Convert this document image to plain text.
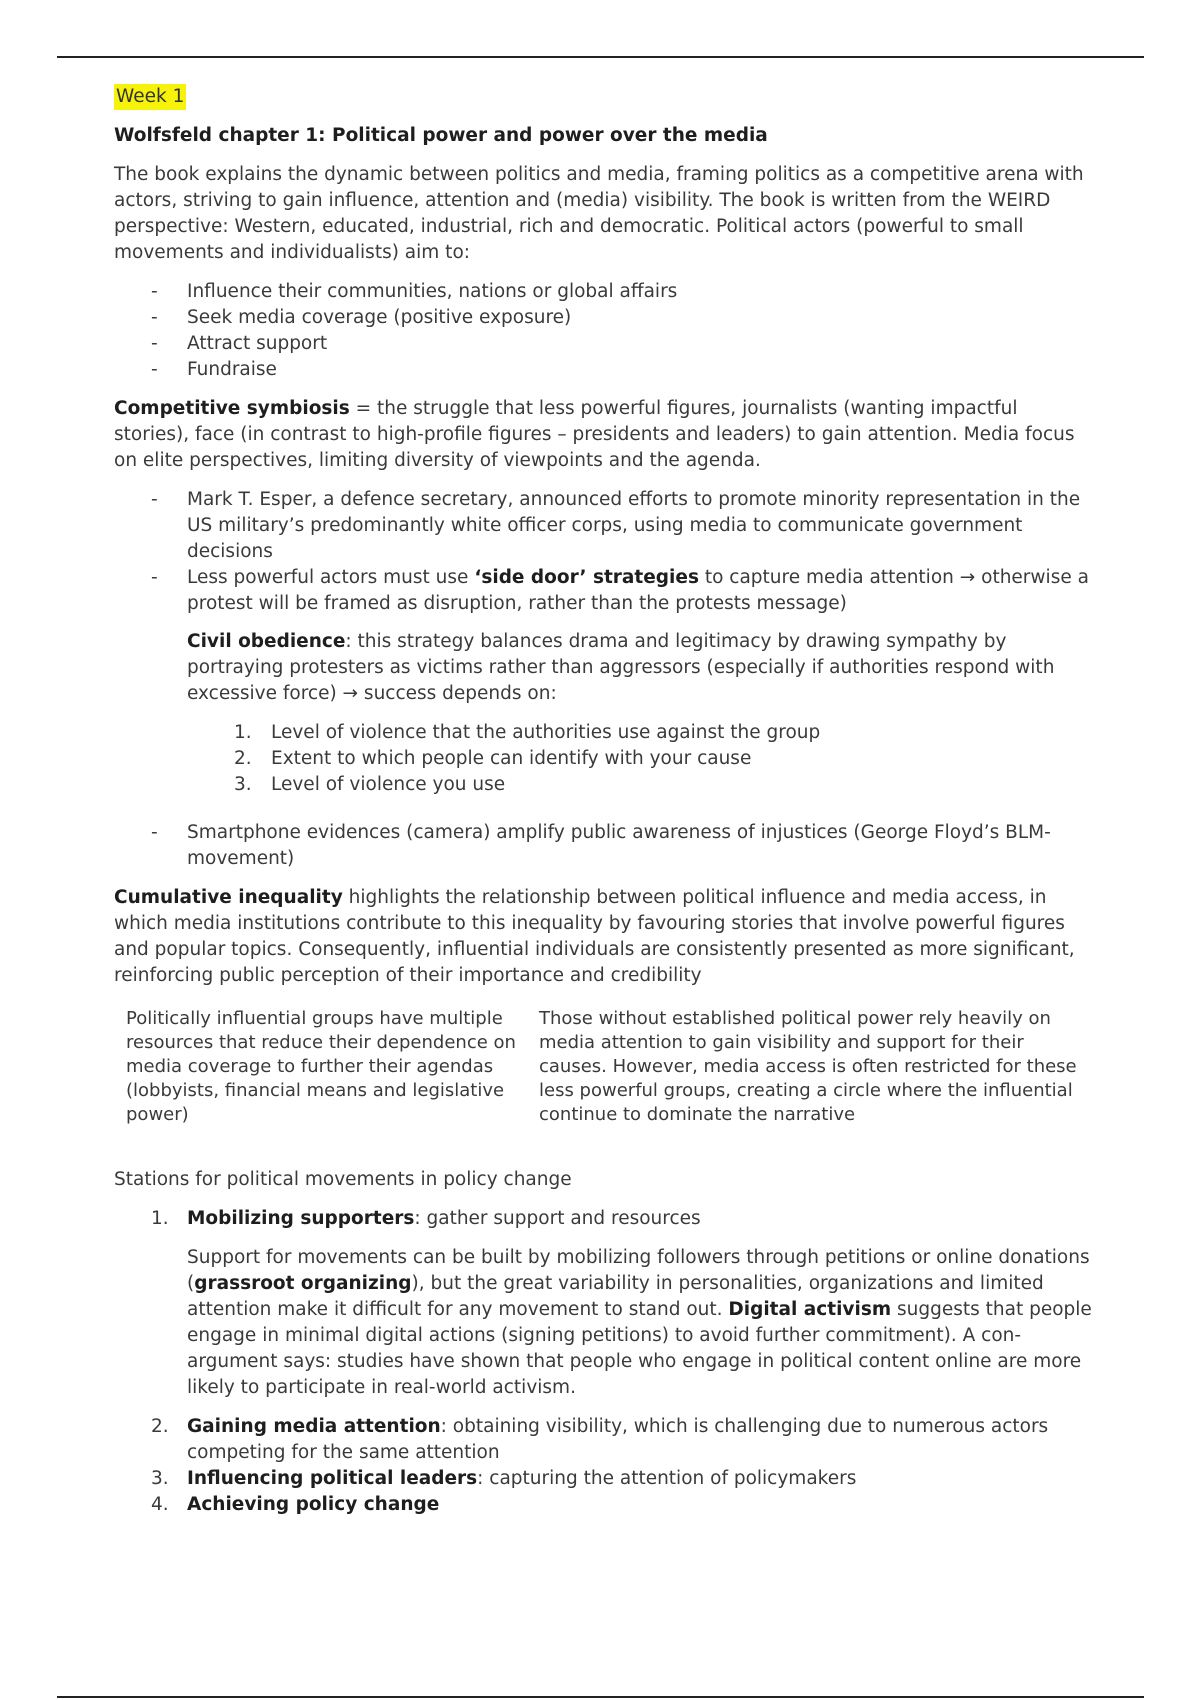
Week 1
Wolfsfeld chapter 1: Political power and power over the media

The book explains the dynamic between politics and media, framing politics as a competitive arena with actors, striving to gain influence, attention and (media) visibility. The book is written from the WEIRD perspective: Western, educated, industrial, rich and democratic. Political actors (powerful to small movements and individualists) aim to:

- Influence their communities, nations or global affairs
- Seek media coverage (positive exposure)
- Attract support
- Fundraise

Competitive symbiosis = the struggle that less powerful figures, journalists (wanting impactful stories), face (in contrast to high-profile figures – presidents and leaders) to gain attention. Media focus on elite perspectives, limiting diversity of viewpoints and the agenda.

- Mark T. Esper, a defence secretary, announced efforts to promote minority representation in the US military’s predominantly white officer corps, using media to communicate government decisions
- Less powerful actors must use ‘side door’ strategies to capture media attention → otherwise a protest will be framed as disruption, rather than the protests message)

Civil obedience: this strategy balances drama and legitimacy by drawing sympathy by portraying protesters as victims rather than aggressors (especially if authorities respond with excessive force) → success depends on:

1. Level of violence that the authorities use against the group
2. Extent to which people can identify with your cause
3. Level of violence you use
- Smartphone evidences (camera) amplify public awareness of injustices (George Floyd’s BLM-movement)

Cumulative inequality highlights the relationship between political influence and media access, in which media institutions contribute to this inequality by favouring stories that involve powerful figures and popular topics. Consequently, influential individuals are consistently presented as more significant, reinforcing public perception of their importance and credibility

Politically influential groups have multiple resources that reduce their dependence on media coverage to further their agendas (lobbyists, financial means and legislative power)
Those without established political power rely heavily on media attention to gain visibility and support for their causes. However, media access is often restricted for these less powerful groups, creating a circle where the influential continue to dominate the narrative

Stations for political movements in policy change

1. Mobilizing supporters: gather support and resources

Support for movements can be built by mobilizing followers through petitions or online donations (grassroot organizing), but the great variability in personalities, organizations and limited attention make it difficult for any movement to stand out. Digital activism suggests that people engage in minimal digital actions (signing petitions) to avoid further commitment). A con-argument says: studies have shown that people who engage in political content online are more likely to participate in real-world activism.

2. Gaining media attention: obtaining visibility, which is challenging due to numerous actors competing for the same attention
3. Influencing political leaders: capturing the attention of policymakers
4. Achieving policy change
